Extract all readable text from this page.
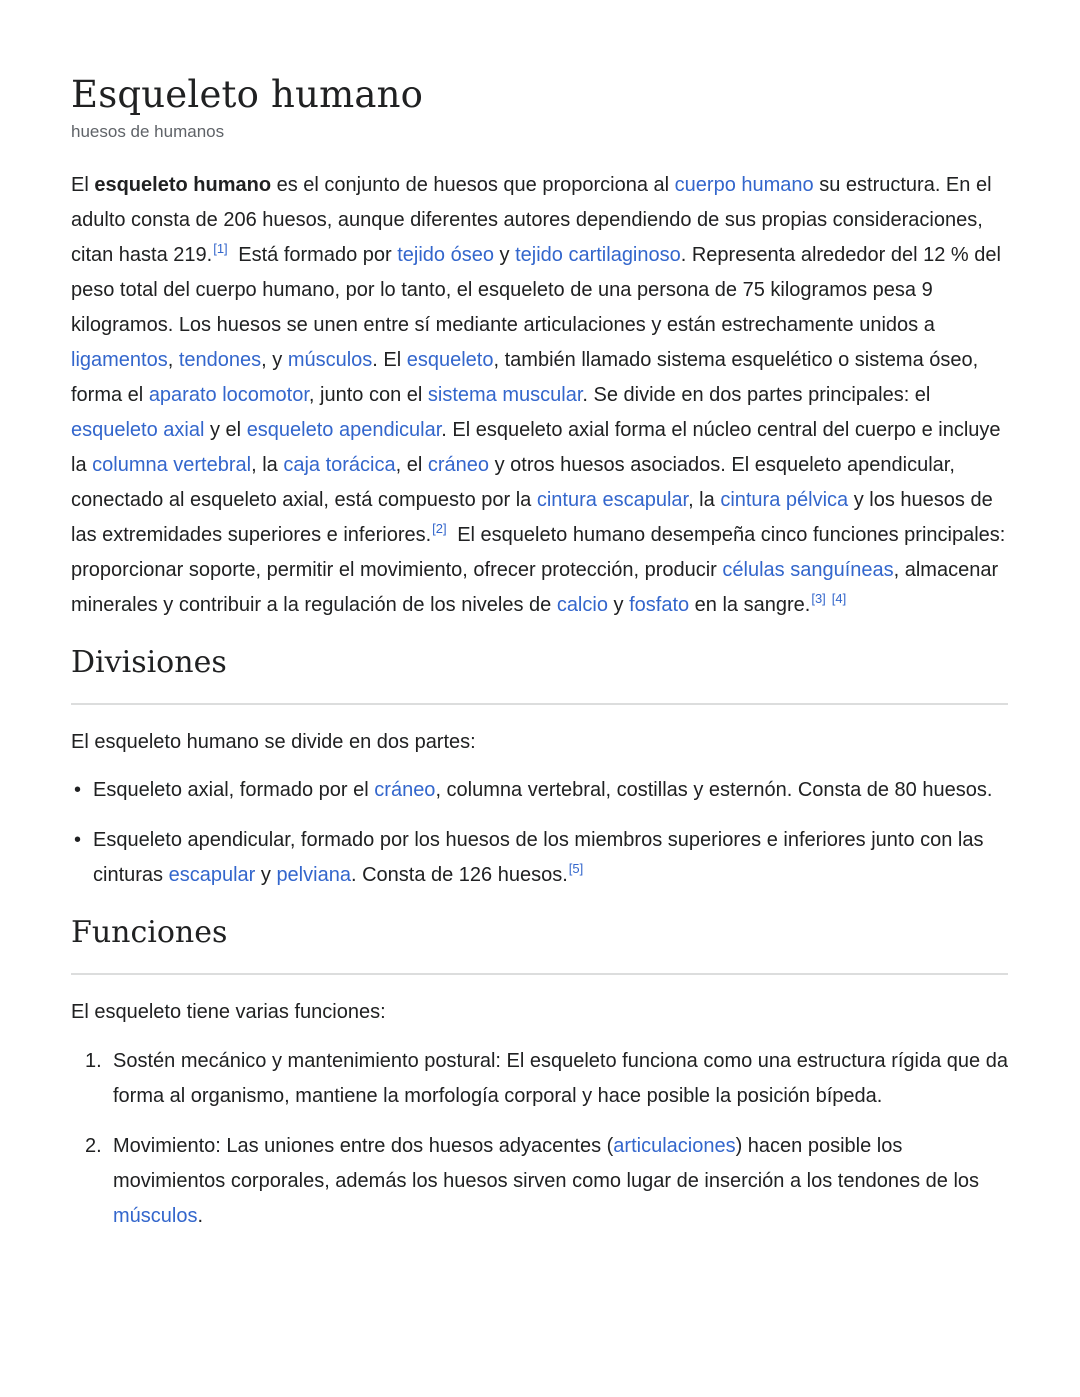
Esqueleto humano
huesos de humanos

El esqueleto humano es el conjunto de huesos que proporciona al cuerpo humano su estructura. En el adulto consta de 206 huesos, aunque diferentes autores dependiendo de sus propias consideraciones, citan hasta 219.[1] Está formado por tejido óseo y tejido cartilaginoso. Representa alrededor del 12 % del peso total del cuerpo humano, por lo tanto, el esqueleto de una persona de 75 kilogramos pesa 9 kilogramos. Los huesos se unen entre sí mediante articulaciones y están estrechamente unidos a ligamentos, tendones, y músculos. El esqueleto, también llamado sistema esquelético o sistema óseo, forma el aparato locomotor, junto con el sistema muscular. Se divide en dos partes principales: el esqueleto axial y el esqueleto apendicular. El esqueleto axial forma el núcleo central del cuerpo e incluye la columna vertebral, la caja torácica, el cráneo y otros huesos asociados. El esqueleto apendicular, conectado al esqueleto axial, está compuesto por la cintura escapular, la cintura pélvica y los huesos de las extremidades superiores e inferiores.[2] El esqueleto humano desempeña cinco funciones principales: proporcionar soporte, permitir el movimiento, ofrecer protección, producir células sanguíneas, almacenar minerales y contribuir a la regulación de los niveles de calcio y fosfato en la sangre.[3] [4]

Divisiones

El esqueleto humano se divide en dos partes:

• Esqueleto axial, formado por el cráneo, columna vertebral, costillas y esternón. Consta de 80 huesos.
• Esqueleto apendicular, formado por los huesos de los miembros superiores e inferiores junto con las cinturas escapular y pelviana. Consta de 126 huesos.[5]
Funciones

El esqueleto tiene varias funciones:

Sostén mecánico y mantenimiento postural: El esqueleto funciona como una estructura rígida que da forma al organismo, mantiene la morfología corporal y hace posible la posición bípeda.
Movimiento: Las uniones entre dos huesos adyacentes (articulaciones) hacen posible los movimientos corporales, además los huesos sirven como lugar de inserción a los tendones de los músculos.
